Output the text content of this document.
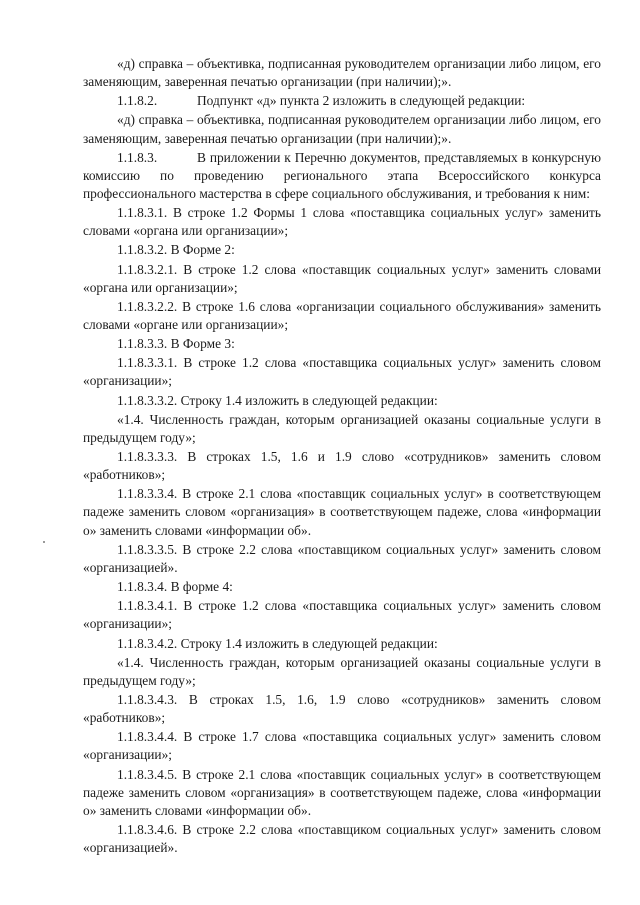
«д) справка – объективка, подписанная руководителем организации либо лицом, его заменяющим, заверенная печатью организации (при наличии);».

1.1.8.2.	Подпункт «д» пункта 2 изложить в следующей редакции:

«д) справка – объективка, подписанная руководителем организации либо лицом, его заменяющим, заверенная печатью организации (при наличии);».

1.1.8.3.	В приложении к Перечню документов, представляемых в конкурсную комиссию по проведению регионального этапа Всероссийского конкурса профессионального мастерства в сфере социального обслуживания, и требования к ним:

1.1.8.3.1. В строке 1.2 Формы 1 слова «поставщика социальных услуг» заменить словами «органа или организации»;

1.1.8.3.2. В Форме 2:

1.1.8.3.2.1. В строке 1.2 слова «поставщик социальных услуг» заменить словами «органа или организации»;

1.1.8.3.2.2. В строке 1.6 слова «организации социального обслуживания» заменить словами «органе или организации»;

1.1.8.3.3. В Форме 3:

1.1.8.3.3.1. В строке 1.2 слова «поставщика социальных услуг» заменить словом «организации»;

1.1.8.3.3.2. Строку 1.4 изложить в следующей редакции:

«1.4. Численность граждан, которым организацией оказаны социальные услуги в предыдущем году»;

1.1.8.3.3.3. В строках 1.5, 1.6 и 1.9 слово «сотрудников» заменить словом «работников»;

1.1.8.3.3.4. В строке 2.1 слова «поставщик социальных услуг» в соответствующем падеже заменить словом «организация» в соответствующем падеже, слова «информации о» заменить словами «информации об».

1.1.8.3.3.5. В строке 2.2 слова «поставщиком социальных услуг» заменить словом «организацией».

1.1.8.3.4. В форме 4:

1.1.8.3.4.1. В строке 1.2 слова «поставщика социальных услуг» заменить словом «организации»;

1.1.8.3.4.2. Строку 1.4 изложить в следующей редакции:

«1.4. Численность граждан, которым организацией оказаны социальные услуги в предыдущем году»;

1.1.8.3.4.3. В строках 1.5, 1.6, 1.9 слово «сотрудников» заменить словом «работников»;

1.1.8.3.4.4. В строке 1.7 слова «поставщика социальных услуг» заменить словом «организации»;

1.1.8.3.4.5. В строке 2.1 слова «поставщик социальных услуг» в соответствующем падеже заменить словом «организация» в соответствующем падеже, слова «информации о» заменить словами «информации об».

1.1.8.3.4.6. В строке 2.2 слова «поставщиком социальных услуг» заменить словом «организацией».
